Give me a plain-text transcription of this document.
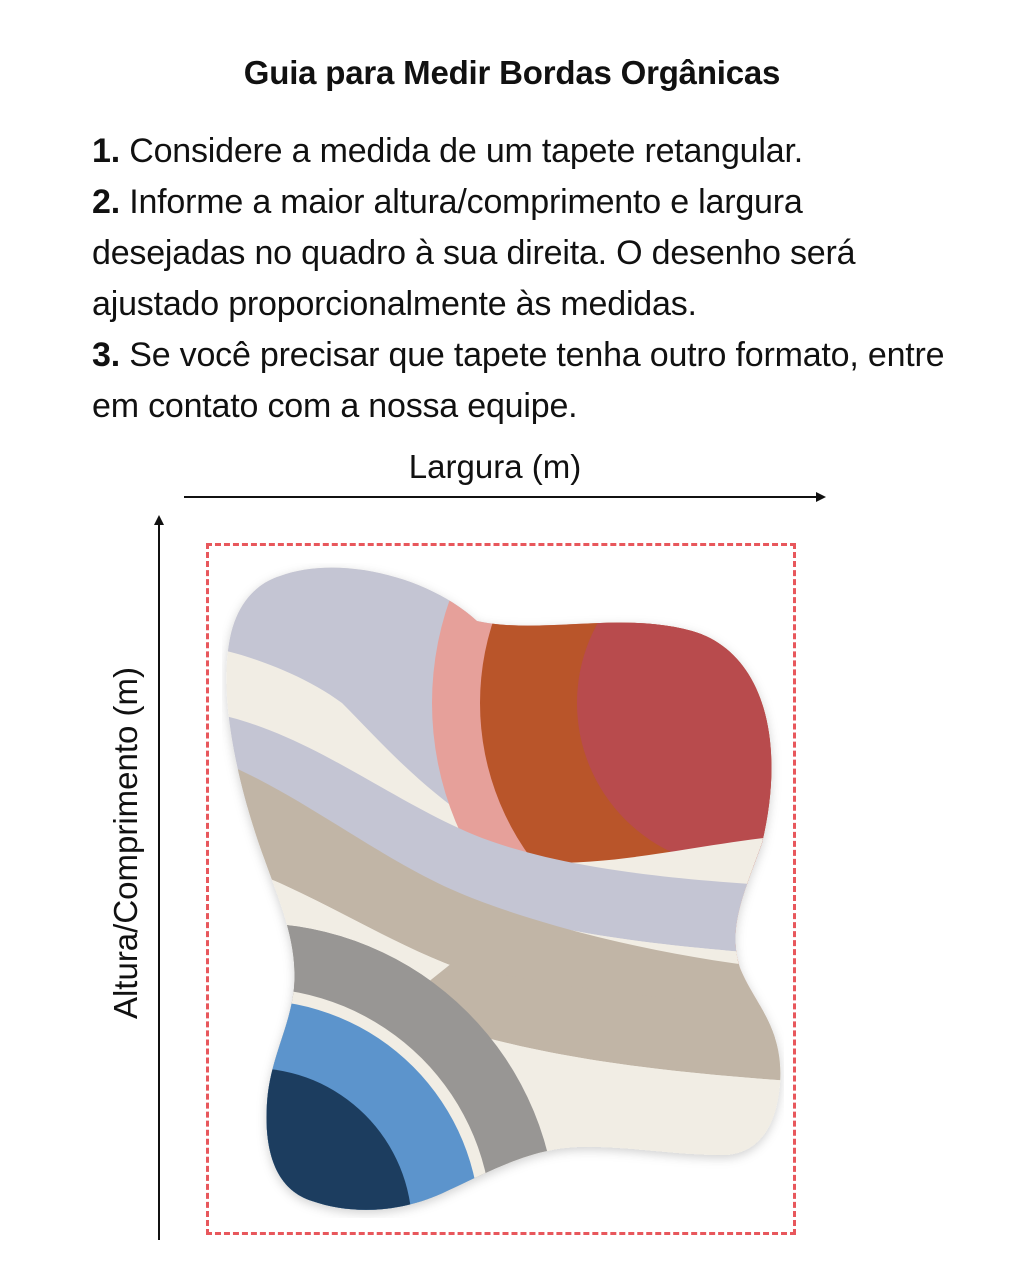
Guia para Medir Bordas Orgânicas
1. Considere a medida de um tapete retangular.
2. Informe a maior altura/comprimento e largura desejadas no quadro à sua direita. O desenho será ajustado proporcionalmente às medidas.
3. Se você precisar que tapete tenha outro formato, entre em contato com a nossa equipe.
Largura (m)
Altura/Comprimento (m)
